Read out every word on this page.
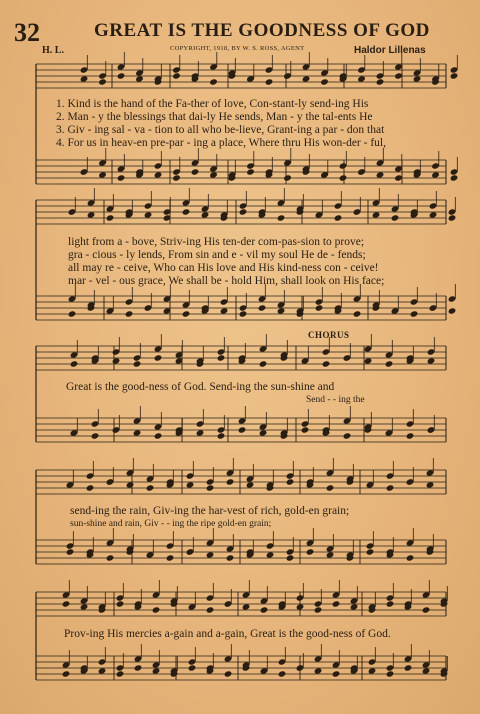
32	GREAT IS THE GOODNESS OF GOD
H. L.	COPYRIGHT, 1918, BY W. S. ROSS, AGENT	Haldor Lillenas
1. Kind is the hand of the Fa-ther of love, Con-stant-ly send-ing His
2. Man - y the blessings that dai-ly He sends, Man - y the tal-ents He
3. Giv - ing sal - va - tion to all who be-lieve, Grant-ing a par - don that
4. For us in heav-en pre-par - ing a place, Where thru His won-der - ful,
light from a - bove, Striv-ing His ten-der com-pas-sion to prove;
gra - cious - ly lends, From sin and e - vil my soul He de - fends;
all may re - ceive, Who can His love and His kind-ness con - ceive!
mar - vel - ous grace, We shall be - hold Him, shall look on His face;
CHORUS
Great is the good-ness of God. Send-ing the sun-shine and
Send - - ing the
send-ing the rain, Giv-ing the har-vest of rich, gold-en grain;
sun-shine and rain, Giv - - ing the ripe gold-en grain;
Prov-ing His mercies a-gain and a-gain, Great is the good-ness of God.
